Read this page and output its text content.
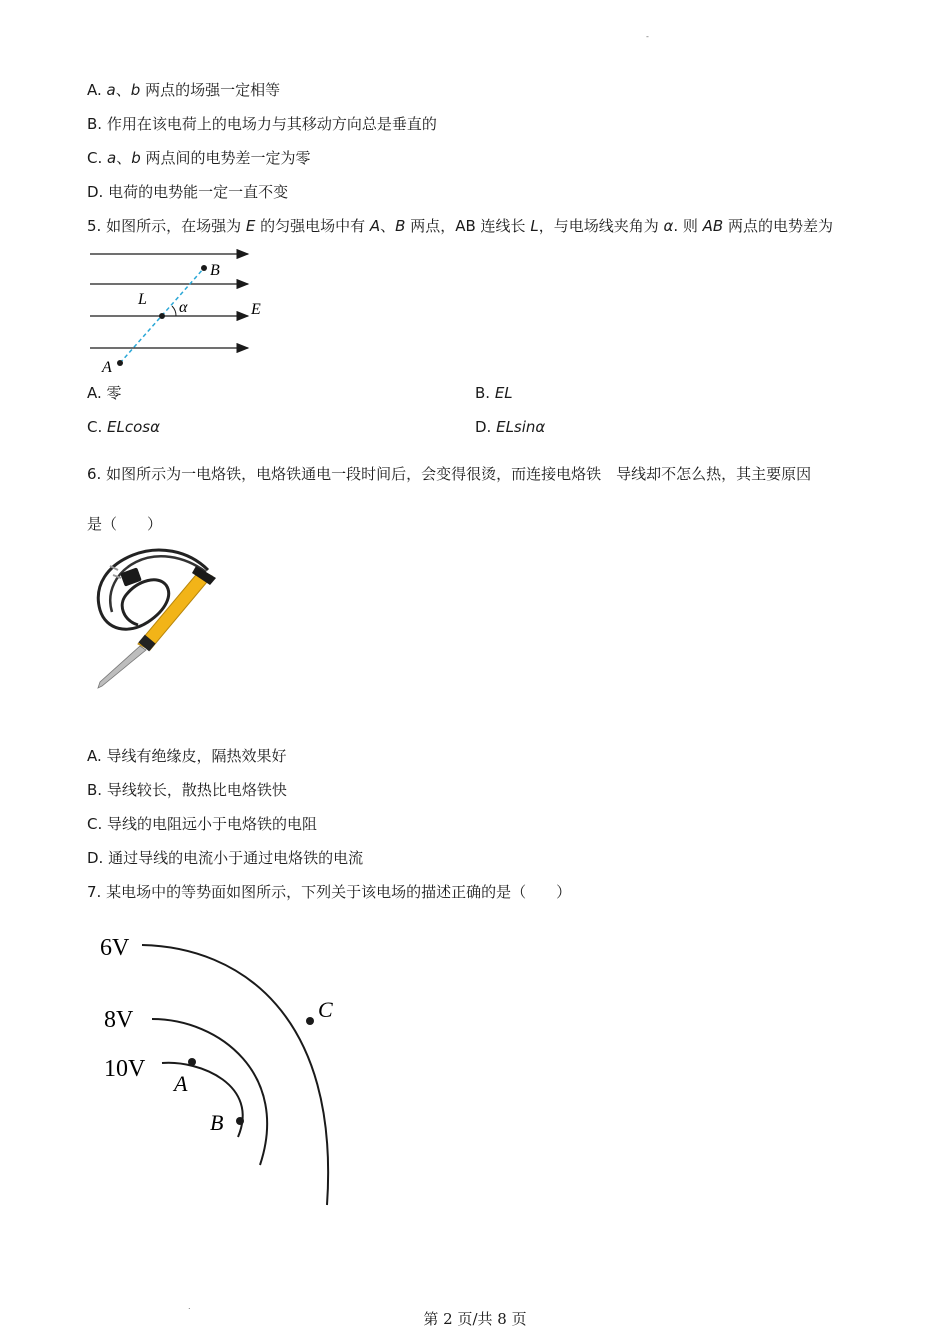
-
A. a、b 两点的场强一定相等
B. 作用在该电荷上的电场力与其移动方向总是垂直的
C. a、b 两点间的电势差一定为零
D. 电荷的电势能一定一直不变
5. 如图所示，在场强为 E 的匀强电场中有 A、B 两点，AB 连线长 L，与电场线夹角为 α. 则 AB 两点的电势差为
B
L α	E
A
A. 零	B. EL
C. ELcosα	D. ELsinα
6. 如图所示为一电烙铁，电烙铁通电一段时间后，会变得很烫，而连接电烙铁　导线却不怎么热，其主要原因
是（　　）
A. 导线有绝缘皮，隔热效果好
B. 导线较长，散热比电烙铁快
C. 导线的电阻远小于电烙铁的电阻
D. 通过导线的电流小于通过电烙铁的电流
7. 某电场中的等势面如图所示，下列关于该电场的描述正确的是（　　）
6V
8V
10V
A
B
C
.
第 2 页/共 8 页
